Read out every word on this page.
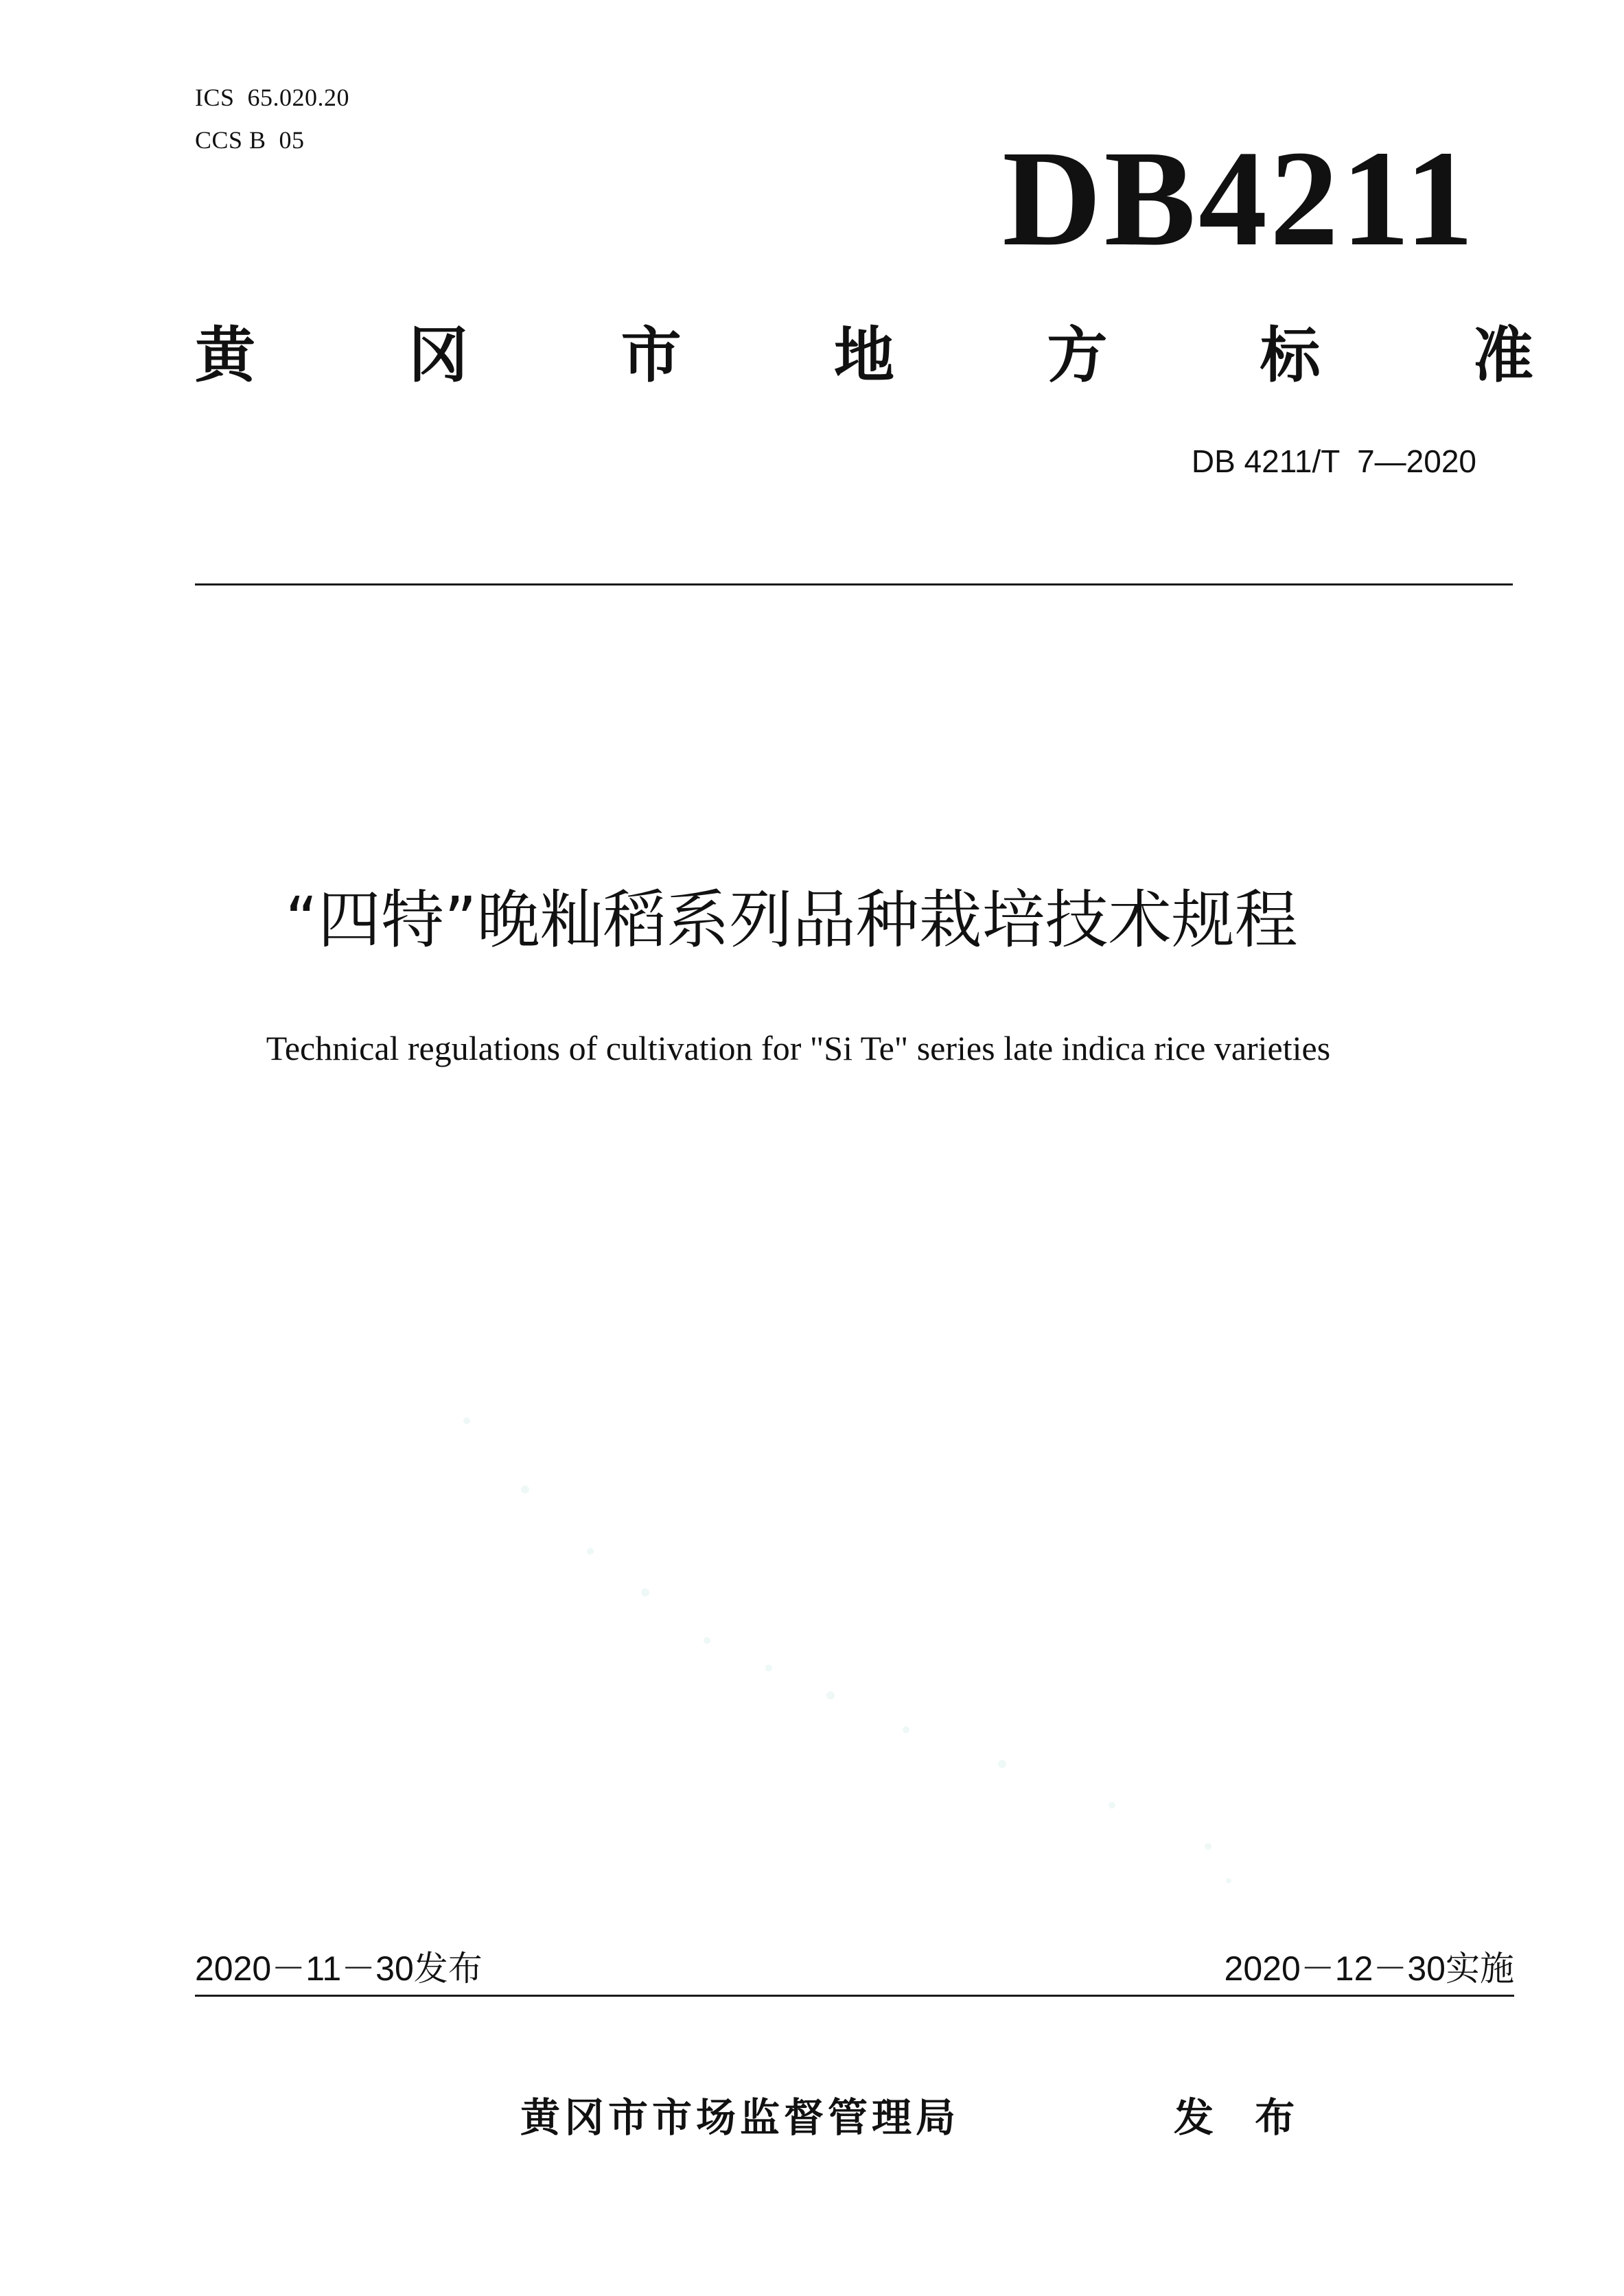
ICS  65.020.20
CCS B  05	DB4211
黄	冈	市	地	方	标	准
DB 4211/T  7—2020
“四特”晚籼稻系列品种栽培技术规程
Technical regulations of cultivation for "Si Te" series late indica rice varieties
2020－11－30发布	2020－12－30实施
黄冈市市场监督管理局	发 布
